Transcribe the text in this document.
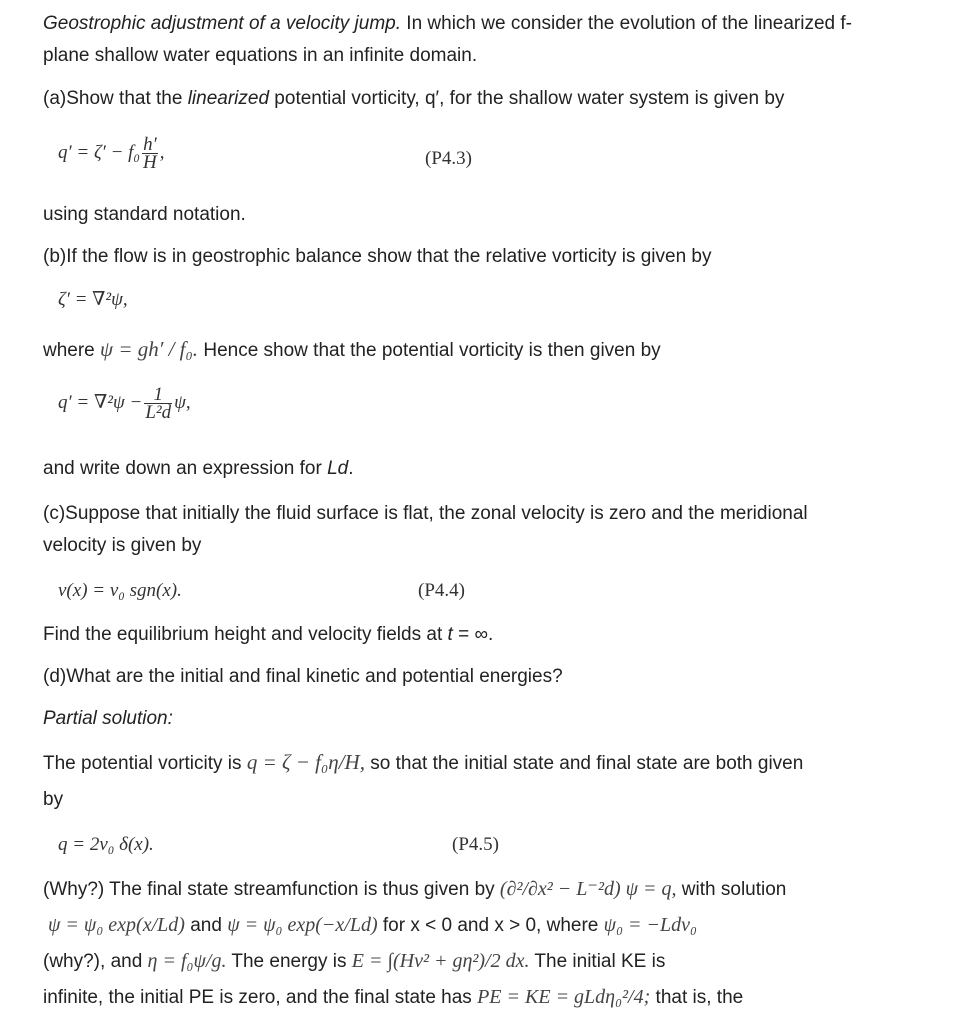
Geostrophic adjustment of a velocity jump. In which we consider the evolution of the linearized f-
plane shallow water equations in an infinite domain.
(a)Show that the linearized potential vorticity, q′, for the shallow water system is given by
$q' = \zeta' - f_0 \frac{h'}{H}$ ,	(P4.3)
using standard notation.
(b)If the flow is in geostrophic balance show that the relative vorticity is given by
ζ′ = ∇²ψ,
where ψ = gh′ / f₀. Hence show that the potential vorticity is then given by
$q' = \nabla^2\psi - \frac{1}{\text{L²d}} \psi$,
and write down an expression for Ld.
(c)Suppose that initially the fluid surface is flat, the zonal velocity is zero and the meridional
velocity is given by
v(x) = v₀ sgn(x).	(P4.4)
Find the equilibrium height and velocity fields at t = ∞.
(d)What are the initial and final kinetic and potential energies?
Partial solution:
The potential vorticity is q = ζ − f₀η/H, so that the initial state and final state are both given
by
q = 2v₀ δ(x).	(P4.5)
(Why?) The final state streamfunction is thus given by (∂²/∂x² − L⁻²d) ψ = q, with solution
ψ = ψ₀ exp(x/Ld) and ψ = ψ₀ exp(−x/Ld) for x < 0 and x > 0, where ψ₀ = −Ldv₀
(why?), and η = f₀ψ/g. The energy is E = ∫(Hv² + gη²)/2 dx. The initial KE is
infinite, the initial PE is zero, and the final state has PE = KE = gLdη₀²/4; that is, the
